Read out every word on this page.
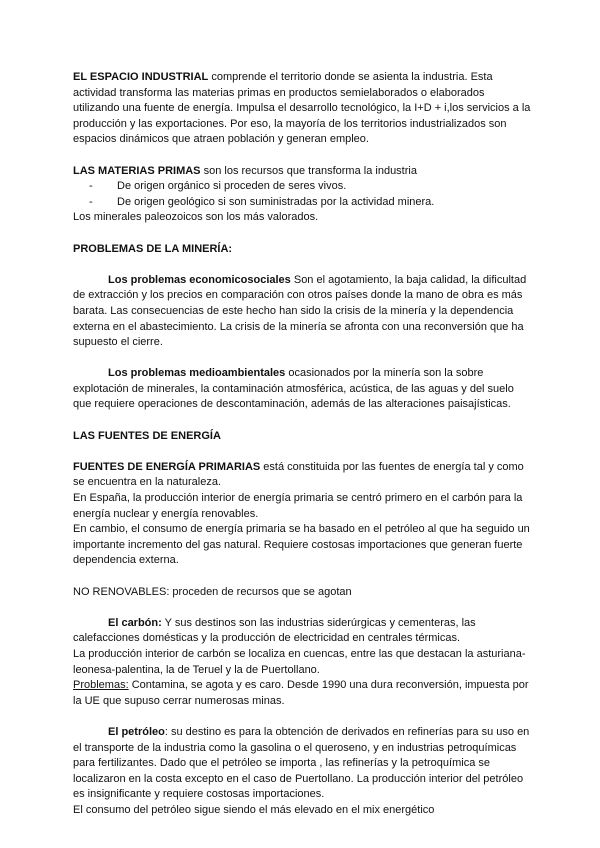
EL ESPACIO INDUSTRIAL comprende el territorio donde se asienta la industria. Esta actividad transforma las materias primas en productos semielaborados o elaborados utilizando una fuente de energía. Impulsa el desarrollo tecnológico, la I+D + i,los servicios a la producción y las exportaciones. Por eso, la mayoría de los territorios industrializados son espacios dinámicos que atraen población y generan empleo.

LAS MATERIAS PRIMAS son los recursos que transforma la industria

- De origen orgánico si proceden de seres vivos.
- De origen geológico si son suministradas por la actividad minera.

Los minerales paleozoicos son los más valorados.

PROBLEMAS DE LA MINERÍA:

Los problemas economicosociales Son el agotamiento, la baja calidad, la dificultad de extracción y los precios en comparación con otros países donde la mano de obra es más barata. Las consecuencias de este hecho han sido la crisis de la minería y la dependencia externa en el abastecimiento. La crisis de la minería se afronta con una reconversión que ha supuesto el cierre.

Los problemas medioambientales ocasionados por la minería son la sobre explotación de minerales, la contaminación atmosférica, acústica, de las aguas y del suelo que requiere operaciones de descontaminación, además de las alteraciones paisajísticas.

LAS FUENTES DE ENERGÍA

FUENTES DE ENERGÍA PRIMARIAS está constituida por las fuentes de energía tal y como se encuentra en la naturaleza.

En España, la producción interior de energía primaria se centró primero en el carbón para la energía nuclear y energía renovables.

En cambio, el consumo de energía primaria se ha basado en el petróleo al que ha seguido un importante incremento del gas natural. Requiere costosas importaciones que generan fuerte dependencia externa.

NO RENOVABLES: proceden de recursos que se agotan

El carbón: Y sus destinos son las industrias siderúrgicas y cementeras, las calefacciones domésticas y la producción de electricidad en centrales térmicas.

La producción interior de carbón se localiza en cuencas, entre las que destacan la asturiana-leonesa-palentina, la de Teruel y la de Puertollano.

Problemas: Contamina, se agota y es caro. Desde 1990 una dura reconversión, impuesta por la UE que supuso cerrar numerosas minas.

El petróleo: su destino es para la obtención de derivados en refinerías para su uso en el transporte de la industria como la gasolina o el queroseno, y en industrias petroquímicas para fertilizantes. Dado que el petróleo se importa , las refinerías y la petroquímica se localizaron en la costa excepto en el caso de Puertollano. La producción interior del petróleo es insignificante y requiere costosas importaciones.

El consumo del petróleo sigue siendo el más elevado en el mix energético
